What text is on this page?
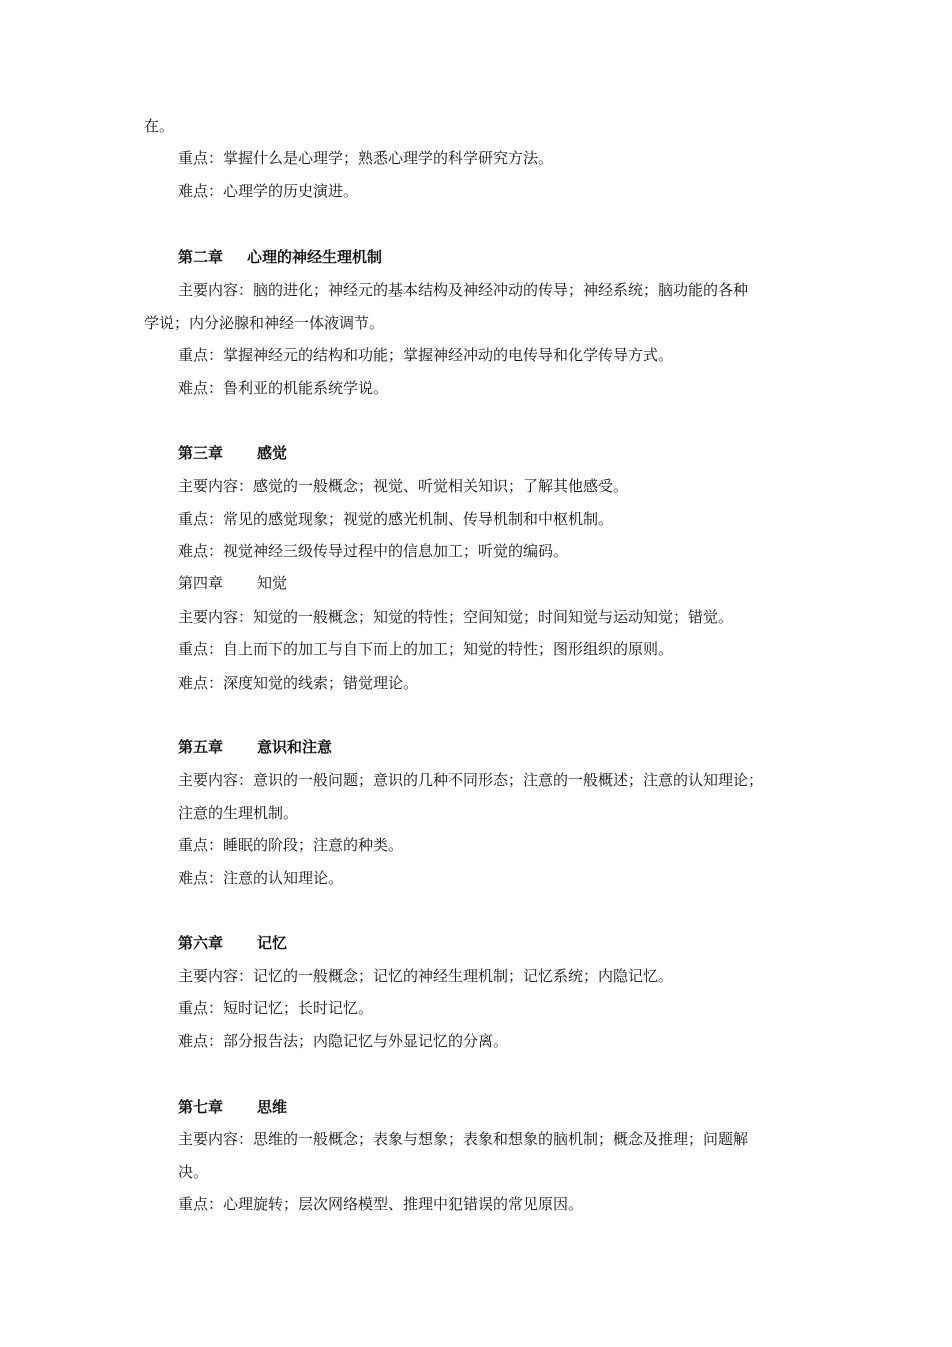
在。

重点：掌握什么是心理学；熟悉心理学的科学研究方法。

难点：心理学的历史演进。

第二章 心理的神经生理机制

主要内容：脑的进化；神经元的基本结构及神经冲动的传导；神经系统；脑功能的各种

学说；内分泌腺和神经一体液调节。

重点：掌握神经元的结构和功能；掌握神经冲动的电传导和化学传导方式。

难点：鲁利亚的机能系统学说。

第三章 感觉

主要内容：感觉的一般概念；视觉、听觉相关知识；了解其他感受。

重点：常见的感觉现象；视觉的感光机制、传导机制和中枢机制。

难点：视觉神经三级传导过程中的信息加工；听觉的编码。

第四章 知觉

主要内容：知觉的一般概念；知觉的特性；空间知觉；时间知觉与运动知觉；错觉。

重点：自上而下的加工与自下而上的加工；知觉的特性；图形组织的原则。

难点：深度知觉的线索；错觉理论。

第五章 意识和注意

主要内容：意识的一般问题；意识的几种不同形态；注意的一般概述；注意的认知理论；

注意的生理机制。

重点：睡眠的阶段；注意的种类。

难点：注意的认知理论。

第六章 记忆

主要内容：记忆的一般概念；记忆的神经生理机制；记忆系统；内隐记忆。

重点：短时记忆；长时记忆。

难点：部分报告法；内隐记忆与外显记忆的分离。

第七章 思维

主要内容：思维的一般概念；表象与想象；表象和想象的脑机制；概念及推理；问题解

决。

重点：心理旋转；层次网络模型、推理中犯错误的常见原因。
